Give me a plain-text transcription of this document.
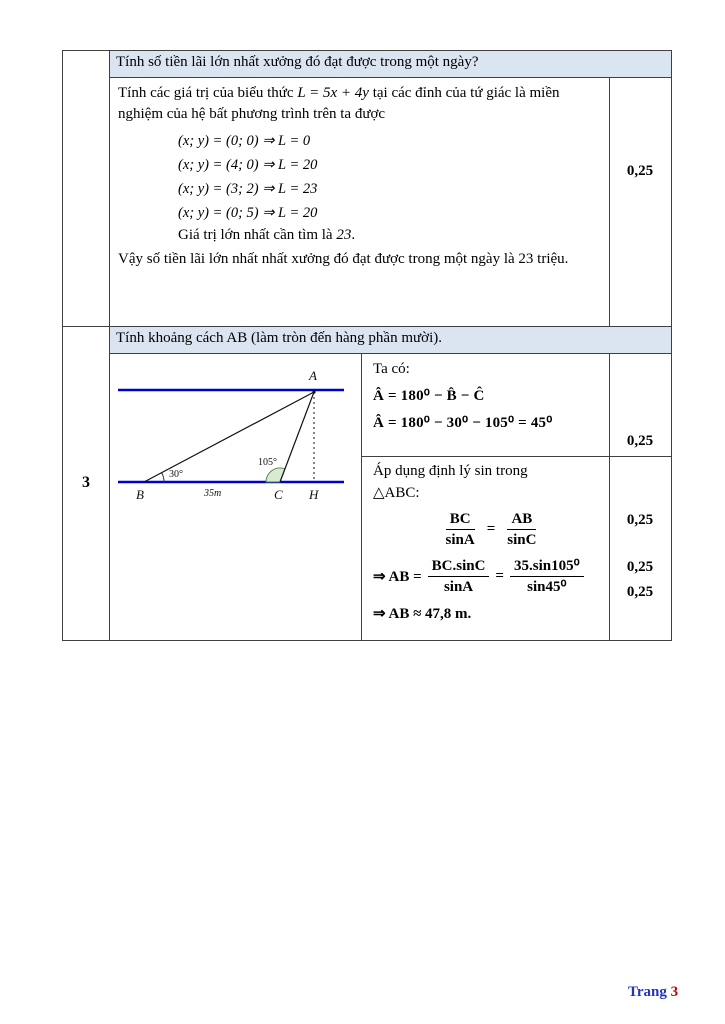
Tính số tiền lãi lớn nhất xưởng đó đạt được trong một ngày?

Tính các giá trị của biểu thức L = 5x + 4y tại các đỉnh của tứ giác là miền nghiệm của hệ bất phương trình trên ta được

(x; y) = (0; 0) ⇒ L = 0
(x; y) = (4; 0) ⇒ L = 20
(x; y) = (3; 2) ⇒ L = 23
(x; y) = (0; 5) ⇒ L = 20

Giá trị lớn nhất cần tìm là 23.

Vậy số tiền lãi lớn nhất nhất xưởng đó đạt được trong một ngày là 23 triệu.

0,25
3
Tính khoảng cách AB (làm tròn đến hàng phần mười).
A
B	C H
30°
105°
35m
Ta có:
Â = 180⁰ − B̂ − Ĉ
Â = 180⁰ − 30⁰ − 105⁰ = 45⁰
0,25
Áp dụng định lý sin trong
△ABC:
$\frac{BC}{\sin A} = \frac{AB}{\sin C}$
⇒ AB = $\frac{BC.\sin C}{\sin A} = \frac{\text{35.sin105⁰}}{\text{sin45⁰}}$
⇒ AB ≈ 47,8 m.
0,25
0,25
0,25
Trang 3
